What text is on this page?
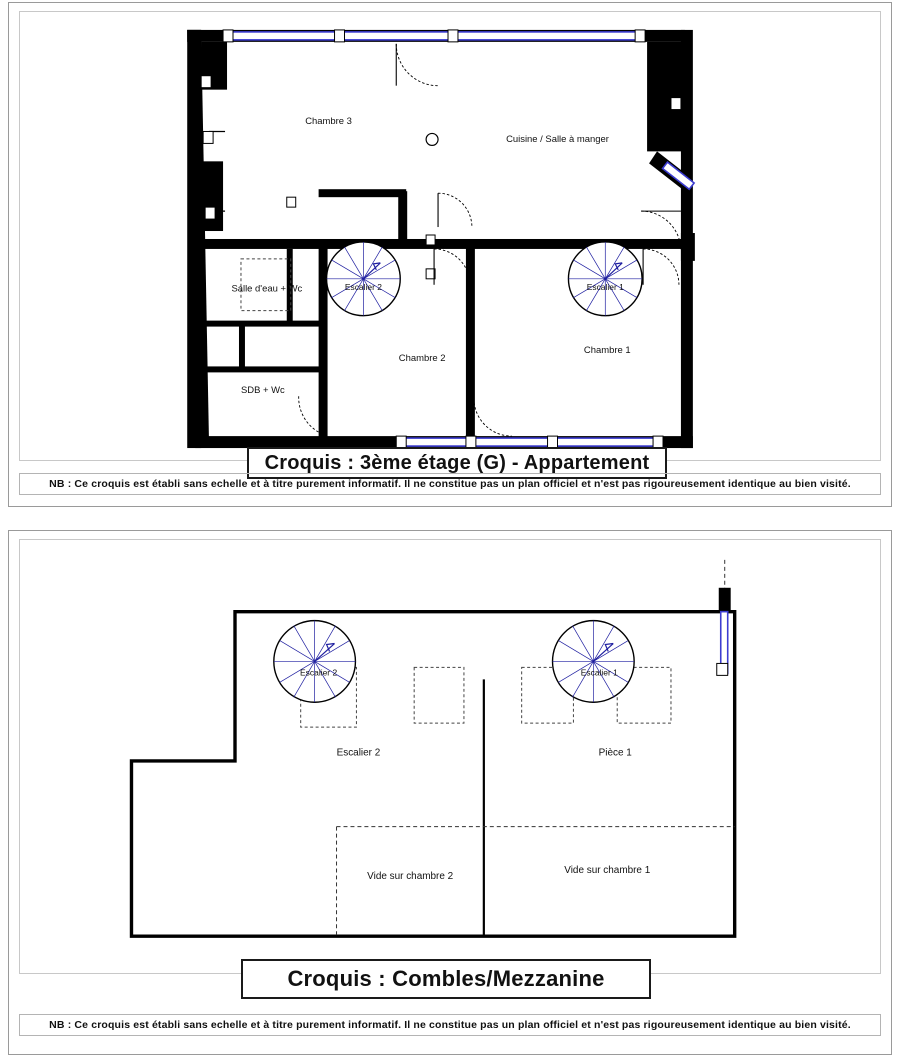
Escalier 2	Escalier 1
Chambre 3
Cuisine / Salle à manger
Salle d'eau + Wc
SDB + Wc
Chambre 2
Chambre 1
Croquis : 3ème étage (G) - Appartement
NB : Ce croquis est établi sans echelle et à titre purement informatif. Il ne constitue pas un plan officiel et n'est pas rigoureusement identique au bien visité.
Escalier 2	Escalier 1
Escalier 2	Pièce 1
Vide sur chambre 2
Vide sur chambre 1
Croquis : Combles/Mezzanine
NB : Ce croquis est établi sans echelle et à titre purement informatif. Il ne constitue pas un plan officiel et n'est pas rigoureusement identique au bien visité.
